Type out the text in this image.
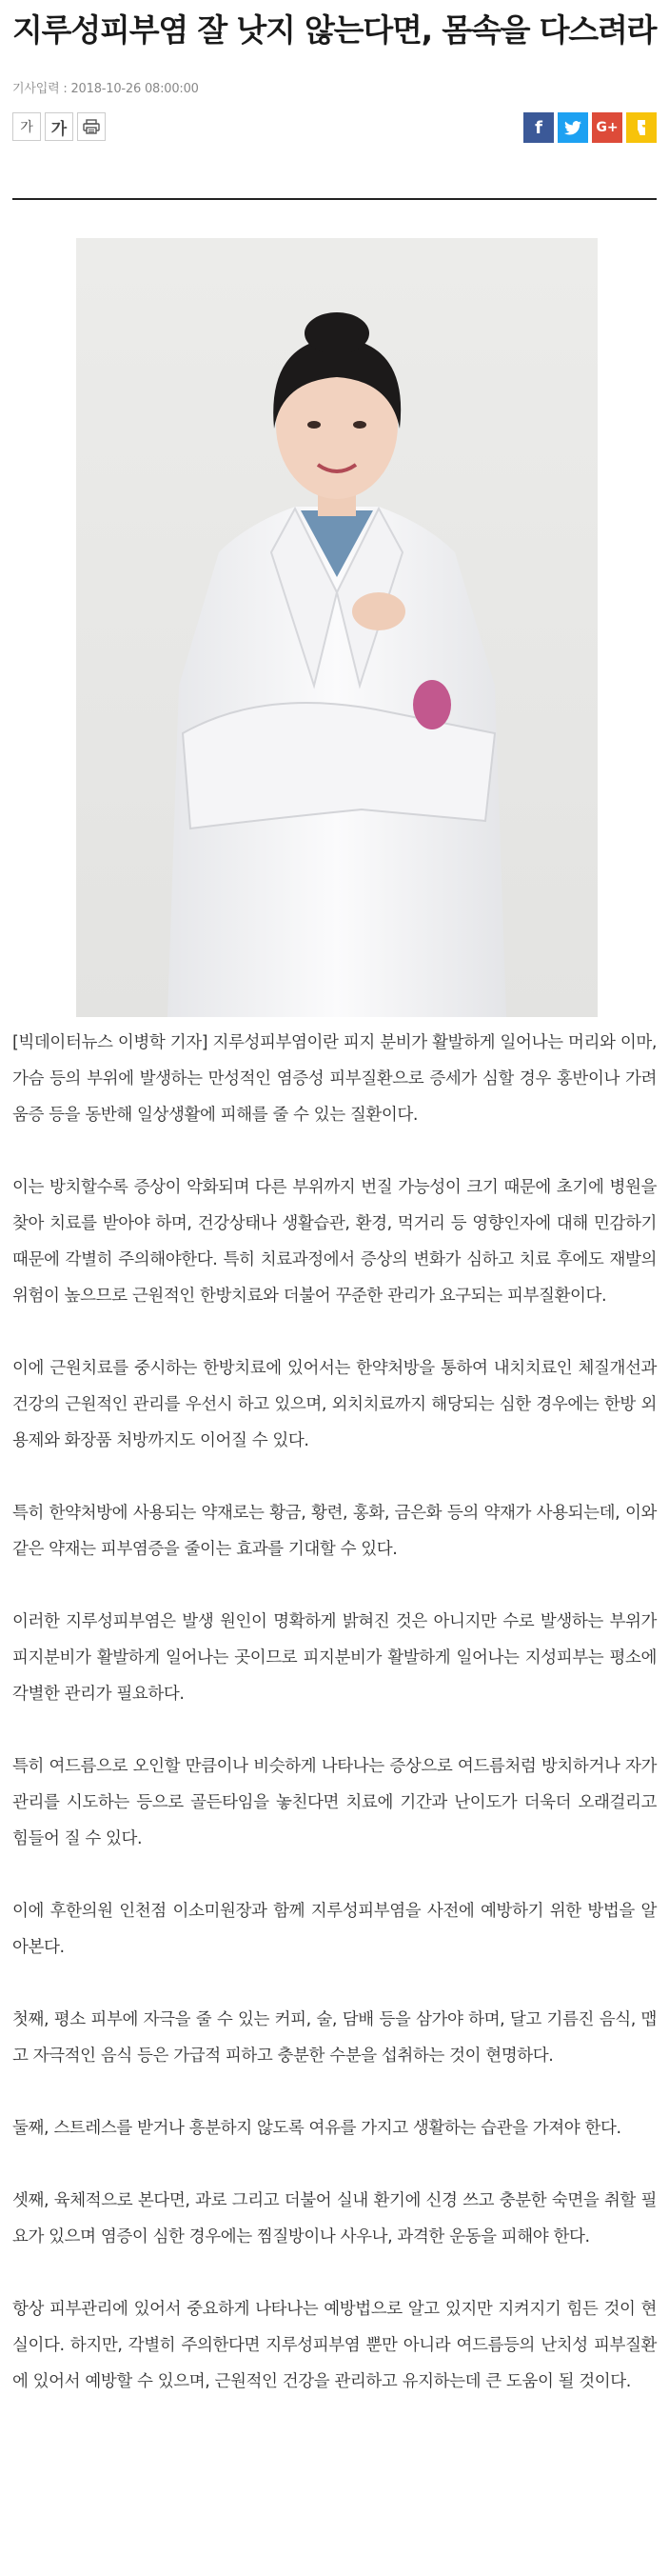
지루성피부염 잘 낫지 않는다면, 몸속을 다스려라
기사입력 : 2018-10-26 08:00:00
가	가	f	G+

[빅데이터뉴스 이병학 기자] 지루성피부염이란 피지 분비가 활발하게 일어나는 머리와 이마, 가슴 등의 부위에 발생하는 만성적인 염증성 피부질환으로 증세가 심할 경우 홍반이나 가려움증 등을 동반해 일상생활에 피해를 줄 수 있는 질환이다.

이는 방치할수록 증상이 악화되며 다른 부위까지 번질 가능성이 크기 때문에 초기에 병원을 찾아 치료를 받아야 하며, 건강상태나 생활습관, 환경, 먹거리 등 영향인자에 대해 민감하기 때문에 각별히 주의해야한다. 특히 치료과정에서 증상의 변화가 심하고 치료 후에도 재발의 위험이 높으므로 근원적인 한방치료와 더불어 꾸준한 관리가 요구되는 피부질환이다.

이에 근원치료를 중시하는 한방치료에 있어서는 한약처방을 통하여 내치치료인 체질개선과 건강의 근원적인 관리를 우선시 하고 있으며, 외치치료까지 해당되는 심한 경우에는 한방 외용제와 화장품 처방까지도 이어질 수 있다.

특히 한약처방에 사용되는 약재로는 황금, 황련, 홍화, 금은화 등의 약재가 사용되는데, 이와같은 약재는 피부염증을 줄이는 효과를 기대할 수 있다.

이러한 지루성피부염은 발생 원인이 명확하게 밝혀진 것은 아니지만 수로 발생하는 부위가 피지분비가 활발하게 일어나는 곳이므로 피지분비가 활발하게 일어나는 지성피부는 평소에 각별한 관리가 필요하다.

특히 여드름으로 오인할 만큼이나 비슷하게 나타나는 증상으로 여드름처럼 방치하거나 자가관리를 시도하는 등으로 골든타임을 놓친다면 치료에 기간과 난이도가 더욱더 오래걸리고 힘들어 질 수 있다.

이에 후한의원 인천점 이소미원장과 함께 지루성피부염을 사전에 예방하기 위한 방법을 알아본다.

첫째, 평소 피부에 자극을 줄 수 있는 커피, 술, 담배 등을 삼가야 하며, 달고 기름진 음식, 맵고 자극적인 음식 등은 가급적 피하고 충분한 수분을 섭취하는 것이 현명하다.

둘째, 스트레스를 받거나 흥분하지 않도록 여유를 가지고 생활하는 습관을 가져야 한다.

셋째, 육체적으로 본다면, 과로 그리고 더불어 실내 환기에 신경 쓰고 충분한 숙면을 취할 필요가 있으며 염증이 심한 경우에는 찜질방이나 사우나, 과격한 운동을 피해야 한다.

항상 피부관리에 있어서 중요하게 나타나는 예방법으로 알고 있지만 지켜지기 힘든 것이 현실이다. 하지만, 각별히 주의한다면 지루성피부염 뿐만 아니라 여드름등의 난치성 피부질환에 있어서 예방할 수 있으며, 근원적인 건강을 관리하고 유지하는데 큰 도움이 될 것이다.
